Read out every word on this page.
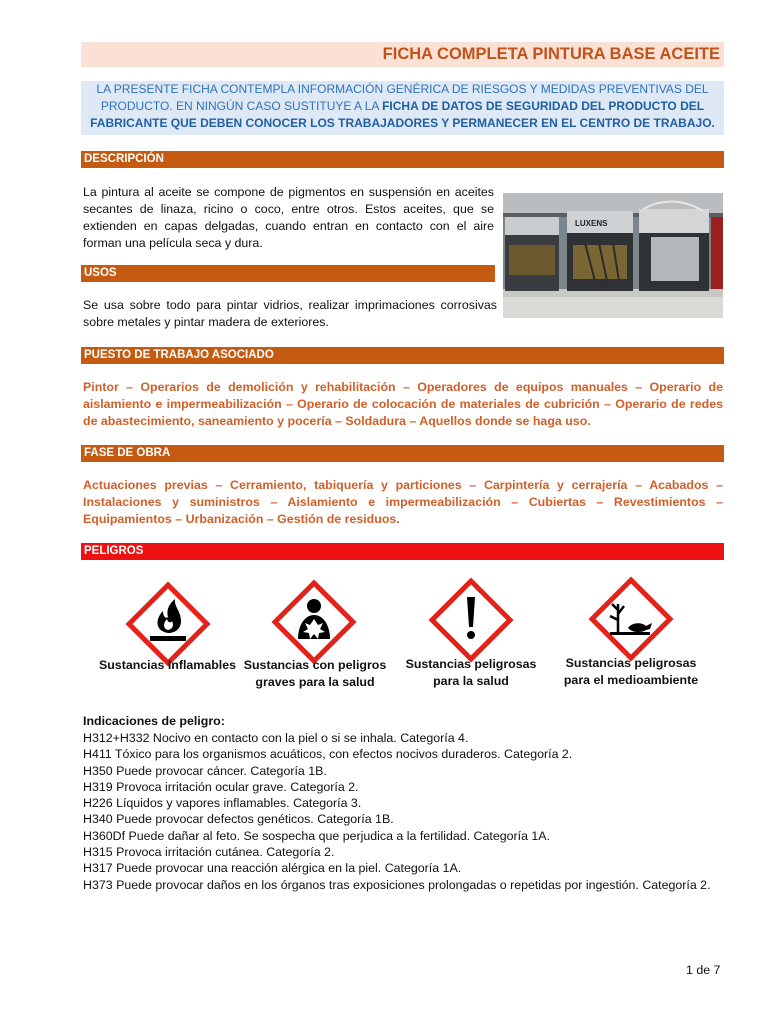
FICHA COMPLETA PINTURA BASE ACEITE
LA PRESENTE FICHA CONTEMPLA INFORMACIÓN GENÉRICA DE RIESGOS Y MEDIDAS PREVENTIVAS DEL PRODUCTO. EN NINGÚN CASO SUSTITUYE A LA FICHA DE DATOS DE SEGURIDAD DEL PRODUCTO DEL FABRICANTE QUE DEBEN CONOCER LOS TRABAJADORES Y PERMANECER EN EL CENTRO DE TRABAJO.
DESCRIPCIÓN
La pintura al aceite se compone de pigmentos en suspensión en aceites secantes de linaza, ricino o coco, entre otros. Estos aceites, que se extienden en capas delgadas, cuando entran en contacto con el aire forman una película seca y dura.
LUXENS
USOS
Se usa sobre todo para pintar vidrios, realizar imprimaciones corrosivas sobre metales y pintar madera de exteriores.
PUESTO DE TRABAJO ASOCIADO
Pintor – Operarios de demolición y rehabilitación – Operadores de equipos manuales – Operario de aislamiento e impermeabilización – Operario de colocación de materiales de cubrición – Operario de redes de abastecimiento, saneamiento y pocería – Soldadura – Aquellos donde se haga uso.
FASE DE OBRA
Actuaciones previas – Cerramiento, tabiquería y particiones – Carpintería y cerrajería – Acabados – Instalaciones y suministros – Aislamiento e impermeabilización – Cubiertas – Revestimientos – Equipamientos – Urbanización – Gestión de residuos.
PELIGROS
Sustancias Inflamables Sustancias con peligros
graves para la salud
Sustancias peligrosas
para la salud
Sustancias peligrosas
para el medioambiente
Indicaciones de peligro:

H312+H332 Nocivo en contacto con la piel o si se inhala. Categoría 4.

H411 Tóxico para los organismos acuáticos, con efectos nocivos duraderos. Categoría 2.

H350 Puede provocar cáncer. Categoría 1B.

H319 Provoca irritación ocular grave. Categoría 2.

H226 Líquidos y vapores inflamables. Categoría 3.

H340 Puede provocar defectos genéticos. Categoría 1B.

H360Df Puede dañar al feto. Se sospecha que perjudica a la fertilidad. Categoría 1A.

H315 Provoca irritación cutánea. Categoría 2.

H317 Puede provocar una reacción alérgica en la piel. Categoría 1A.

H373 Puede provocar daños en los órganos tras exposiciones prolongadas o repetidas por ingestión. Categoría 2.

1 de 7
